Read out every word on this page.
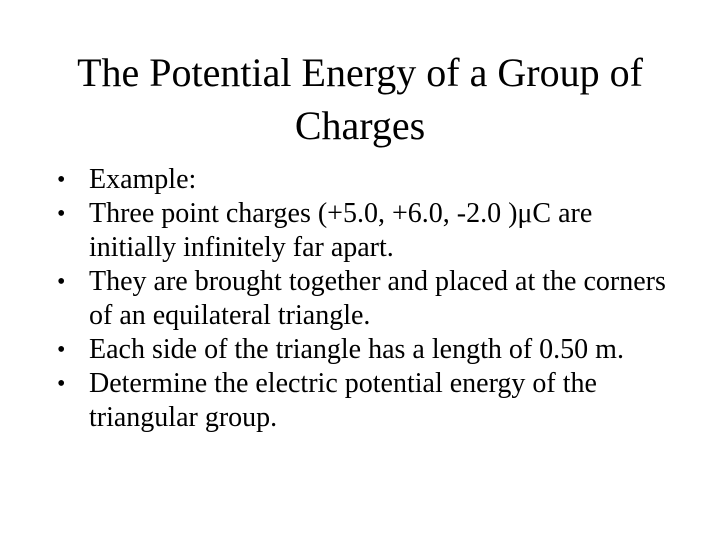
The Potential Energy of a Group of Charges
• Example:
• Three point charges (+5.0, +6.0, -2.0 )μC are initially infinitely far apart.
• They are brought together and placed at the corners of an equilateral triangle.
• Each side of the triangle has a length of 0.50 m.
• Determine the electric potential energy of the triangular group.
